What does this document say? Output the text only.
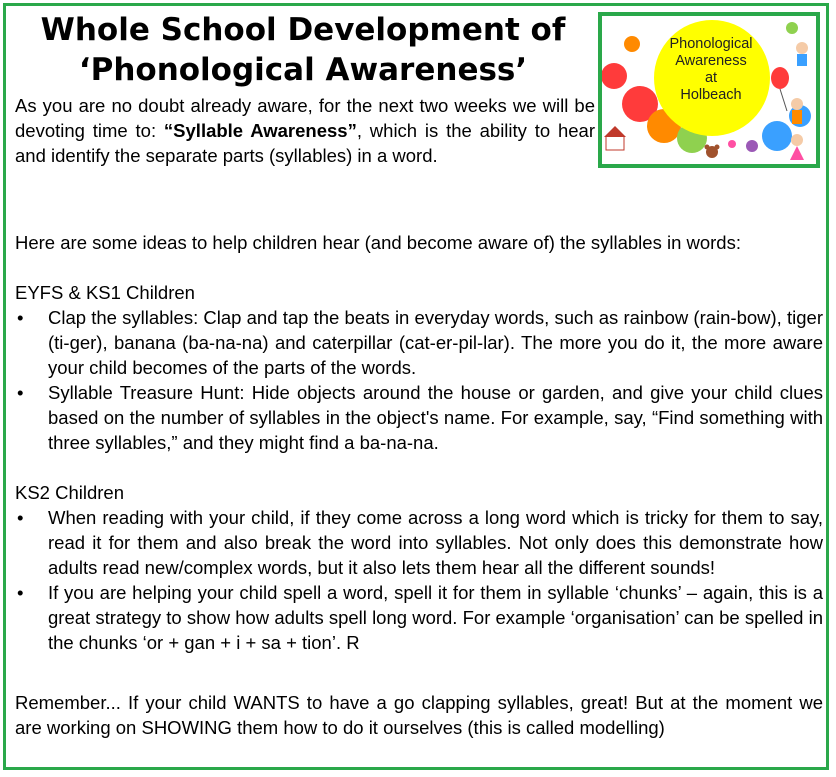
Whole School Development of
‘Phonological Awareness’
Phonological
Awareness
at
Holbeach
As you are no doubt already aware, for the next two weeks we will be devoting time to: “Syllable Awareness”, which is the ability to hear and identify the separate parts (syllables) in a word.
Here are some ideas to help children hear (and become aware of) the syllables in words:
EYFS & KS1 Children
• Clap the syllables: Clap and tap the beats in everyday words, such as rainbow (rain-bow), tiger (ti-ger), banana (ba-na-na) and caterpillar (cat-er-pil-lar). The more you do it, the more aware your child becomes of the parts of the words.
• Syllable Treasure Hunt: Hide objects around the house or garden, and give your child clues based on the number of syllables in the object's name. For example, say, “Find something with three syllables,” and they might find a ba-na-na.
KS2 Children
• When reading with your child, if they come across a long word which is tricky for them to say, read it for them and also break the word into syllables. Not only does this demonstrate how adults read new/complex words, but it also lets them hear all the different sounds!
• If you are helping your child spell a word, spell it for them in syllable ‘chunks’ – again, this is a great strategy to show how adults spell long word. For example ‘organisation’ can be spelled in the chunks ‘or + gan + i + sa + tion’. R
Remember... If your child WANTS to have a go clapping syllables, great! But at the moment we are working on SHOWING them how to do it ourselves (this is called modelling)
